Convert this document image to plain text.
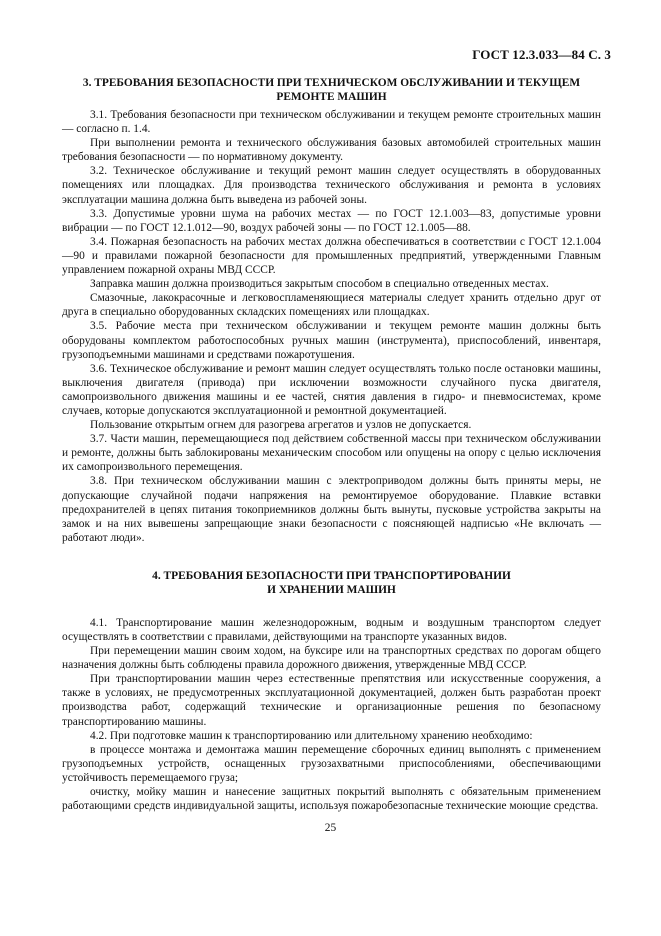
ГОСТ 12.3.033—84 С. 3
3. ТРЕБОВАНИЯ БЕЗОПАСНОСТИ ПРИ ТЕХНИЧЕСКОМ ОБСЛУЖИВАНИИ И ТЕКУЩЕМ
РЕМОНТЕ МАШИН

3.1. Требования безопасности при техническом обслуживании и текущем ремонте строительных машин — согласно п. 1.4.

При выполнении ремонта и технического обслуживания базовых автомобилей строительных машин требования безопасности — по нормативному документу.

3.2. Техническое обслуживание и текущий ремонт машин следует осуществлять в оборудованных помещениях или площадках. Для производства технического обслуживания и ремонта в условиях эксплуатации машина должна быть выведена из рабочей зоны.

3.3. Допустимые уровни шума на рабочих местах — по ГОСТ 12.1.003—83, допустимые уровни вибрации — по ГОСТ 12.1.012—90, воздух рабочей зоны — по ГОСТ 12.1.005—88.

3.4. Пожарная безопасность на рабочих местах должна обеспечиваться в соответствии с ГОСТ 12.1.004—90 и правилами пожарной безопасности для промышленных предприятий, утвержденными Главным управлением пожарной охраны МВД СССР.

Заправка машин должна производиться закрытым способом в специально отведенных местах.

Смазочные, лакокрасочные и легковоспламеняющиеся материалы следует хранить отдельно друг от друга в специально оборудованных складских помещениях или площадках.

3.5. Рабочие места при техническом обслуживании и текущем ремонте машин должны быть оборудованы комплектом работоспособных ручных машин (инструмента), приспособлений, инвентаря, грузоподъемными машинами и средствами пожаротушения.

3.6. Техническое обслуживание и ремонт машин следует осуществлять только после остановки машины, выключения двигателя (привода) при исключении возможности случайного пуска двигателя, самопроизвольного движения машины и ее частей, снятия давления в гидро- и пневмосистемах, кроме случаев, которые допускаются эксплуатационной и ремонтной документацией.

Пользование открытым огнем для разогрева агрегатов и узлов не допускается.

3.7. Части машин, перемещающиеся под действием собственной массы при техническом обслуживании и ремонте, должны быть заблокированы механическим способом или опущены на опору с целью исключения их самопроизвольного перемещения.

3.8. При техническом обслуживании машин с электроприводом должны быть приняты меры, не допускающие случайной подачи напряжения на ремонтируемое оборудование. Плавкие вставки предохранителей в цепях питания токоприемников должны быть вынуты, пусковые устройства закрыты на замок и на них вывешены запрещающие знаки безопасности с поясняющей надписью «Не включать — работают люди».

4. ТРЕБОВАНИЯ БЕЗОПАСНОСТИ ПРИ ТРАНСПОРТИРОВАНИИ
И ХРАНЕНИИ МАШИН

4.1. Транспортирование машин железнодорожным, водным и воздушным транспортом следует осуществлять в соответствии с правилами, действующими на транспорте указанных видов.

При перемещении машин своим ходом, на буксире или на транспортных средствах по дорогам общего назначения должны быть соблюдены правила дорожного движения, утвержденные МВД СССР.

При транспортировании машин через естественные препятствия или искусственные сооружения, а также в условиях, не предусмотренных эксплуатационной документацией, должен быть разработан проект производства работ, содержащий технические и организационные решения по безопасному транспортированию машины.

4.2. При подготовке машин к транспортированию или длительному хранению необходимо:

в процессе монтажа и демонтажа машин перемещение сборочных единиц выполнять с применением грузоподъемных устройств, оснащенных грузозахватными приспособлениями, обеспечивающими устойчивость перемещаемого груза;

очистку, мойку машин и нанесение защитных покрытий выполнять с обязательным применением работающими средств индивидуальной защиты, используя пожаробезопасные технические моющие средства.

25
